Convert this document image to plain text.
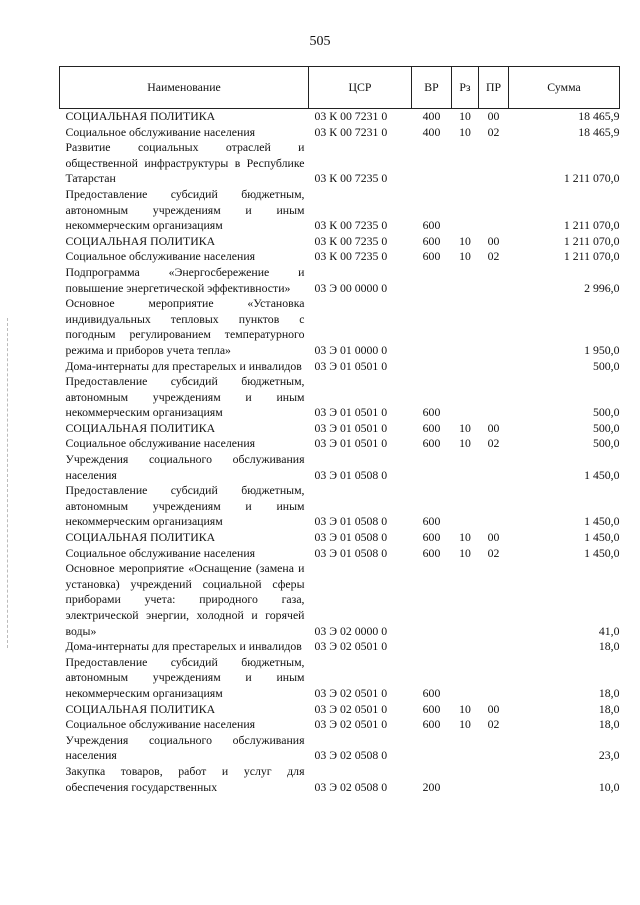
505
Наименование	ЦСР	ВР	Рз	ПР	Сумма
СОЦИАЛЬНАЯ ПОЛИТИКА	03 К 00 7231 0	400	10	00	18 465,9
Социальное обслуживание населения	03 К 00 7231 0	400	10	02	18 465,9
Развитие социальных отраслей и общественной инфраструктуры в Республике Татарстан	03 К 00 7235 0				1 211 070,0
Предоставление субсидий бюджетным, автономным учреждениям и иным некоммерческим организациям	03 К 00 7235 0	600			1 211 070,0
СОЦИАЛЬНАЯ ПОЛИТИКА	03 К 00 7235 0	600	10	00	1 211 070,0
Социальное обслуживание населения	03 К 00 7235 0	600	10	02	1 211 070,0
Подпрограмма «Энергосбережение и повышение энергетической эффективности»	03 Э 00 0000 0				2 996,0
Основное мероприятие «Установка индивидуальных тепловых пунктов с погодным регулированием температурного режима и приборов учета тепла»	03 Э 01 0000 0				1 950,0
Дома-интернаты для престарелых и инвалидов	03 Э 01 0501 0				500,0
Предоставление субсидий бюджетным, автономным учреждениям и иным некоммерческим организациям	03 Э 01 0501 0	600			500,0
СОЦИАЛЬНАЯ ПОЛИТИКА	03 Э 01 0501 0	600	10	00	500,0
Социальное обслуживание населения	03 Э 01 0501 0	600	10	02	500,0
Учреждения социального обслуживания населения	03 Э 01 0508 0				1 450,0
Предоставление субсидий бюджетным, автономным учреждениям и иным некоммерческим организациям	03 Э 01 0508 0	600			1 450,0
СОЦИАЛЬНАЯ ПОЛИТИКА	03 Э 01 0508 0	600	10	00	1 450,0
Социальное обслуживание населения	03 Э 01 0508 0	600	10	02	1 450,0
Основное мероприятие «Оснащение (замена и установка) учреждений социальной сферы приборами учета: природного газа, электрической энергии, холодной и горячей воды»	03 Э 02 0000 0				41,0
Дома-интернаты для престарелых и инвалидов	03 Э 02 0501 0				18,0
Предоставление субсидий бюджетным, автономным учреждениям и иным некоммерческим организациям	03 Э 02 0501 0	600			18,0
СОЦИАЛЬНАЯ ПОЛИТИКА	03 Э 02 0501 0	600	10	00	18,0
Социальное обслуживание населения	03 Э 02 0501 0	600	10	02	18,0
Учреждения социального обслуживания населения	03 Э 02 0508 0				23,0
Закупка товаров, работ и услуг для обеспечения государственных	03 Э 02 0508 0	200			10,0
